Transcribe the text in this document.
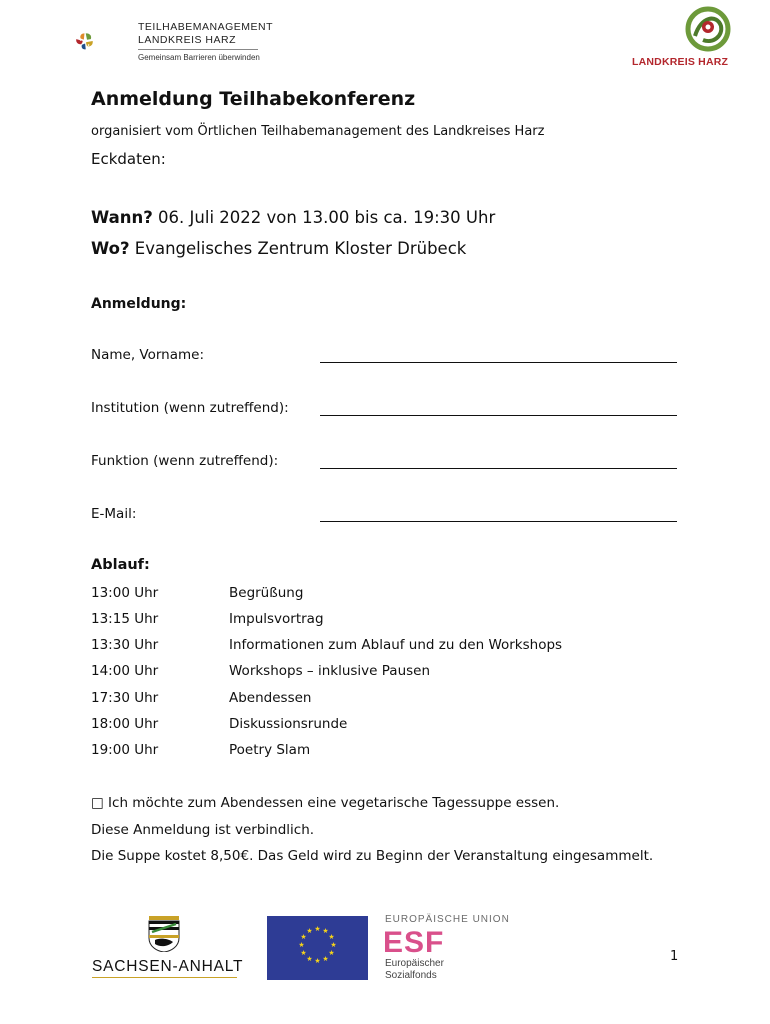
TEILHABEMANAGEMENT
LANDKREIS HARZ
Gemeinsam Barrieren überwinden	LANDKREIS HARZ
Anmeldung Teilhabekonferenz
organisiert vom Örtlichen Teilhabemanagement des Landkreises Harz
Eckdaten:
Wann? 06. Juli 2022 von 13.00 bis ca. 19:30 Uhr
Wo? Evangelisches Zentrum Kloster Drübeck
Anmeldung:
Name, Vorname:
Institution (wenn zutreffend):
Funktion (wenn zutreffend):
E-Mail:
Ablauf:
13:00 Uhr	Begrüßung
13:15 Uhr	Impulsvortrag
13:30 Uhr	Informationen zum Ablauf und zu den Workshops
14:00 Uhr	Workshops – inklusive Pausen
17:30 Uhr	Abendessen
18:00 Uhr	Diskussionsrunde
19:00 Uhr	Poetry Slam
□ Ich möchte zum Abendessen eine vegetarische Tagessuppe essen.
Diese Anmeldung ist verbindlich.
Die Suppe kostet 8,50€. Das Geld wird zu Beginn der Veranstaltung eingesammelt.
SACHSEN-ANHALT
★ ★
★
★
★
★
★
★
★
★
★
★
EUROPÄISCHE UNION
ESF
Europäischer
Sozialfonds
1
